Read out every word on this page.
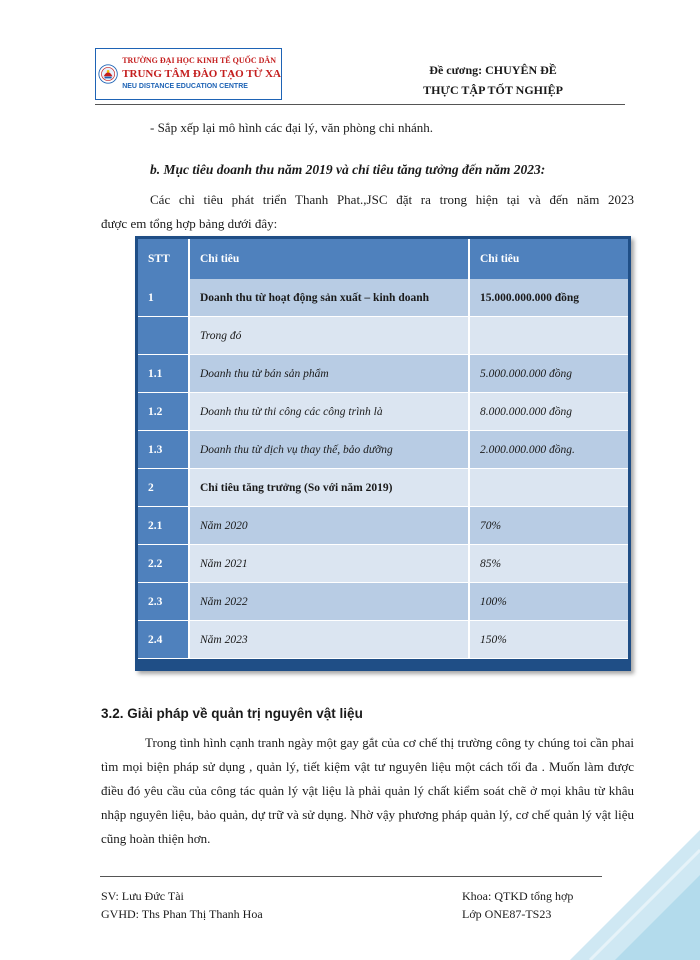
TRƯỜNG ĐẠI HỌC KINH TẾ QUỐC DÂN
TRUNG TÂM ĐÀO TẠO TỪ XA
NEU DISTANCE EDUCATION CENTRE
Đề cương: CHUYÊN ĐỀ
THỰC TẬP TỐT NGHIỆP
- Sắp xếp lại mô hình các đại lý, văn phòng chi nhánh.
b. Mục tiêu doanh thu năm 2019 và chỉ tiêu tăng tưởng đến năm 2023:
Các chỉ tiêu phát triển Thanh Phat.,JSC đặt ra trong hiện tại và đến năm 2023
được em tổng hợp bảng dưới đây:
STT	Chỉ tiêu	Chỉ tiêu
1	Doanh thu từ hoạt động sản xuất – kinh doanh	15.000.000.000 đồng
	Trong đó	
1.1	Doanh thu từ bán sản phẩm	5.000.000.000 đồng
1.2	Doanh thu từ thi công các công trình là	8.000.000.000 đồng
1.3	Doanh thu từ dịch vụ thay thế, bảo dưỡng	2.000.000.000 đồng.
2	Chỉ tiêu tăng trưởng (So với năm 2019)	
2.1	Năm 2020	70%
2.2	Năm 2021	85%
2.3	Năm 2022	100%
2.4	Năm 2023	150%
3.2. Giải pháp về quản trị nguyên vật liệu
Trong tình hình cạnh tranh ngày một gay gắt của cơ chế thị trường công ty chúng toi cần phai tìm mọi biện pháp sử dụng , quản lý, tiết kiệm vật tư nguyên liệu một cách tối đa . Muốn làm được điều đó yêu cầu của công tác quản lý vật liệu là phải quản lý chất kiểm soát chẽ ở mọi khâu từ khâu nhập nguyên liệu, bảo quản, dự trữ và sử dụng. Nhờ vậy phương pháp quản lý, cơ chế quản lý vật liệu cũng hoàn thiện hơn.
SV: Lưu Đức Tài
GVHD: Ths Phan Thị Thanh Hoa
Khoa: QTKD tổng hợp
Lớp ONE87-TS23
